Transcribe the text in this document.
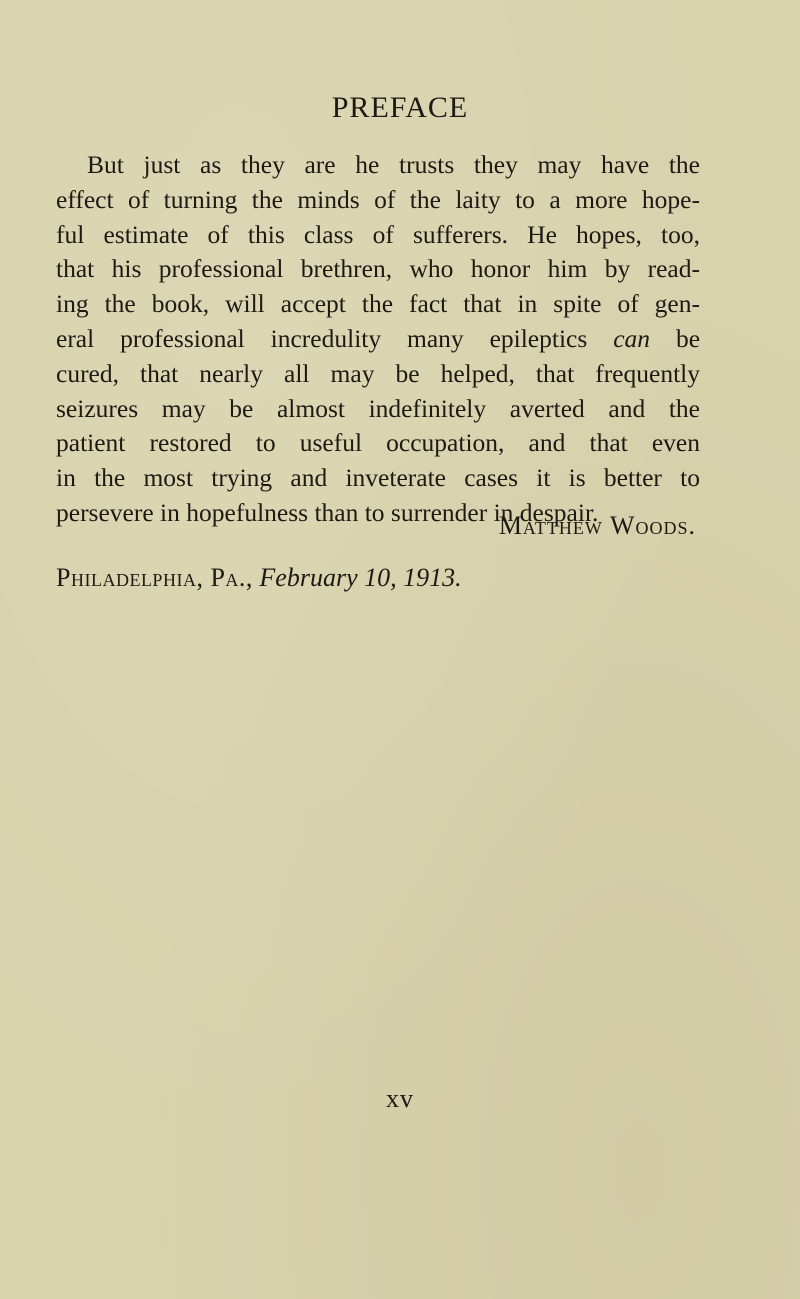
PREFACE
But just as they are he trusts they may have the
effect of turning the minds of the laity to a more hope-
ful estimate of this class of sufferers. He hopes, too,
that his professional brethren, who honor him by read-
ing the book, will accept the fact that in spite of gen-
eral professional incredulity many epileptics can be
cured, that nearly all may be helped, that frequently
seizures may be almost indefinitely averted and the
patient restored to useful occupation, and that even
in the most trying and inveterate cases it is better to
persevere in hopefulness than to surrender in despair.
Matthew Woods.
Philadelphia, Pa., February 10, 1913.
xv
